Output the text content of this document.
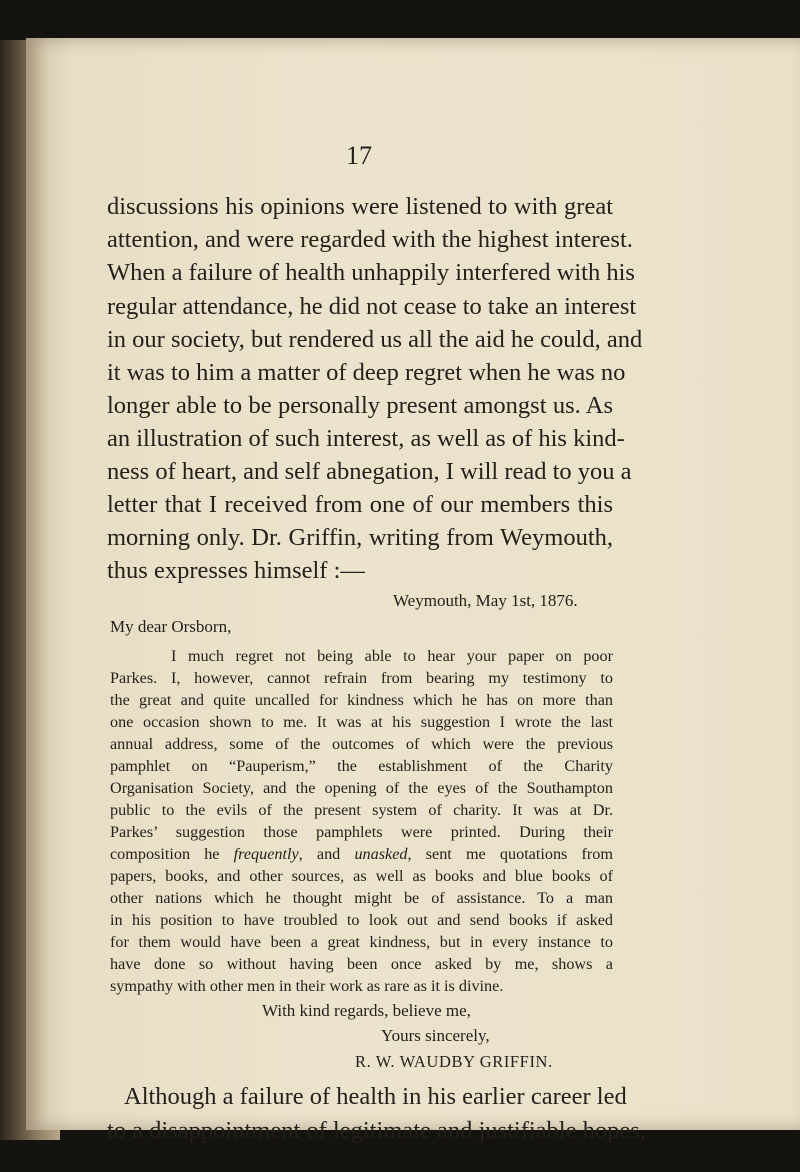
17
discussions his opinions were listened to with great
attention, and were regarded with the highest interest.
When a failure of health unhappily interfered with his
regular attendance, he did not cease to take an interest
in our society, but rendered us all the aid he could, and
it was to him a matter of deep regret when he was no
longer able to be personally present amongst us. As
an illustration of such interest, as well as of his kind-
ness of heart, and self abnegation, I will read to you a
letter that I received from one of our members this
morning only. Dr. Griffin, writing from Weymouth,
thus expresses himself :—
Weymouth, May 1st, 1876.
My dear Orsborn,
I much regret not being able to hear your paper on poor
Parkes. I, however, cannot refrain from bearing my testimony to
the great and quite uncalled for kindness which he has on more than
one occasion shown to me. It was at his suggestion I wrote the last
annual address, some of the outcomes of which were the previous
pamphlet on “Pauperism,” the establishment of the Charity
Organisation Society, and the opening of the eyes of the Southampton
public to the evils of the present system of charity. It was at Dr.
Parkes’ suggestion those pamphlets were printed. During their
composition he frequently, and unasked, sent me quotations from
papers, books, and other sources, as well as books and blue books of
other nations which he thought might be of assistance. To a man
in his position to have troubled to look out and send books if asked
for them would have been a great kindness, but in every instance to
have done so without having been once asked by me, shows a
sympathy with other men in their work as rare as it is divine.
With kind regards, believe me,
Yours sincerely,
R. W. WAUDBY GRIFFIN.
Although a failure of health in his earlier career led
to a disappointment of legitimate and justifiable hopes,
